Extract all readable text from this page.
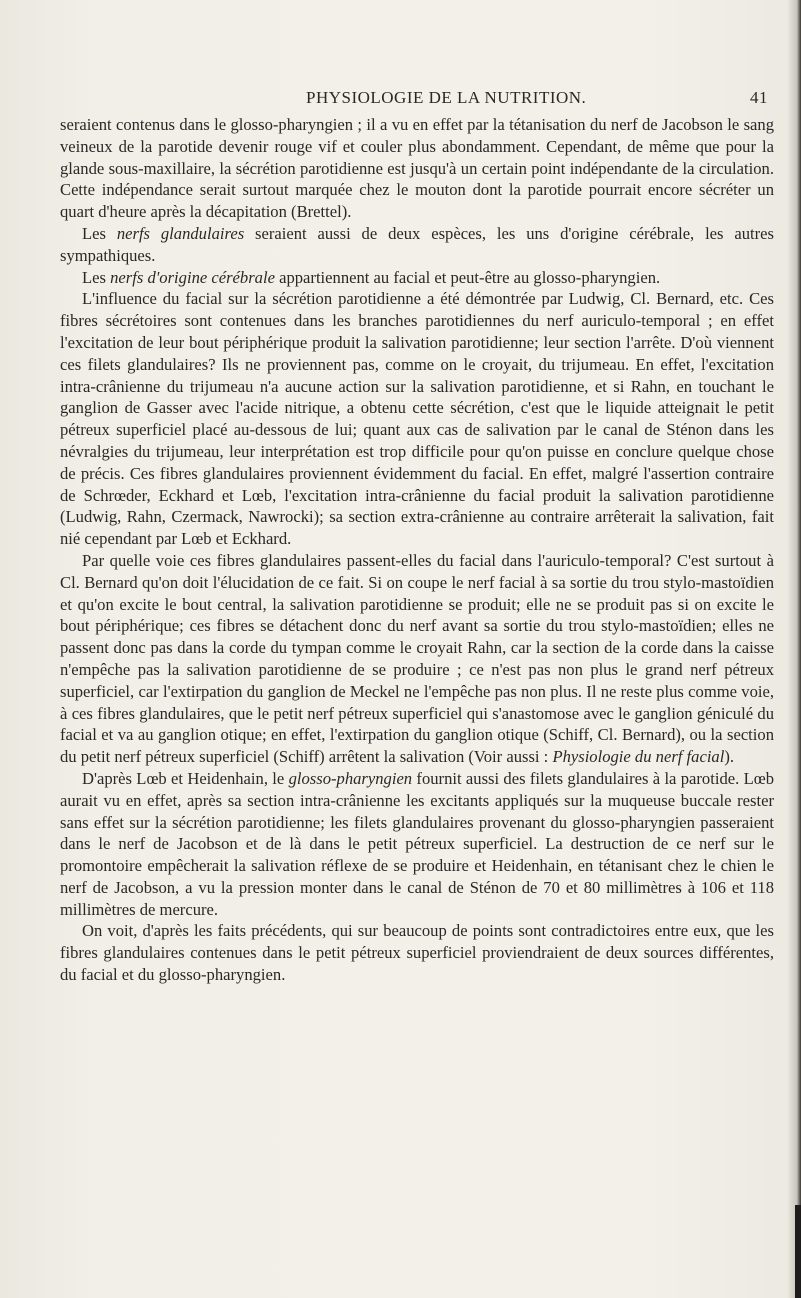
PHYSIOLOGIE DE LA NUTRITION.	41

seraient contenus dans le glosso-pharyngien ; il a vu en effet par la tétanisation du nerf de Jacobson le sang veineux de la parotide devenir rouge vif et couler plus abondamment. Cependant, de même que pour la glande sous-maxillaire, la sécrétion parotidienne est jusqu'à un certain point indépendante de la circulation. Cette indépendance serait surtout marquée chez le mouton dont la parotide pourrait encore sécréter un quart d'heure après la décapitation (Brettel).

Les nerfs glandulaires seraient aussi de deux espèces, les uns d'origine cérébrale, les autres sympathiques.

Les nerfs d'origine cérébrale appartiennent au facial et peut-être au glosso-pharyngien.

L'influence du facial sur la sécrétion parotidienne a été démontrée par Ludwig, Cl. Bernard, etc. Ces fibres sécrétoires sont contenues dans les branches parotidiennes du nerf auriculo-temporal ; en effet l'excitation de leur bout périphérique produit la salivation parotidienne; leur section l'arrête. D'où viennent ces filets glandulaires? Ils ne proviennent pas, comme on le croyait, du trijumeau. En effet, l'excitation intra-crânienne du trijumeau n'a aucune action sur la salivation parotidienne, et si Rahn, en touchant le ganglion de Gasser avec l'acide nitrique, a obtenu cette sécrétion, c'est que le liquide atteignait le petit pétreux superficiel placé au-dessous de lui; quant aux cas de salivation par le canal de Sténon dans les névralgies du trijumeau, leur interprétation est trop difficile pour qu'on puisse en conclure quelque chose de précis. Ces fibres glandulaires proviennent évidemment du facial. En effet, malgré l'assertion contraire de Schrœder, Eckhard et Lœb, l'excitation intra-crânienne du facial produit la salivation parotidienne (Ludwig, Rahn, Czermack, Nawrocki); sa section extra-crânienne au contraire arrêterait la salivation, fait nié cependant par Lœb et Eckhard.

Par quelle voie ces fibres glandulaires passent-elles du facial dans l'auriculo-temporal? C'est surtout à Cl. Bernard qu'on doit l'élucidation de ce fait. Si on coupe le nerf facial à sa sortie du trou stylo-mastoïdien et qu'on excite le bout central, la salivation parotidienne se produit; elle ne se produit pas si on excite le bout périphérique; ces fibres se détachent donc du nerf avant sa sortie du trou stylo-mastoïdien; elles ne passent donc pas dans la corde du tympan comme le croyait Rahn, car la section de la corde dans la caisse n'empêche pas la salivation parotidienne de se produire ; ce n'est pas non plus le grand nerf pétreux superficiel, car l'extirpation du ganglion de Meckel ne l'empêche pas non plus. Il ne reste plus comme voie, à ces fibres glandulaires, que le petit nerf pétreux superficiel qui s'anastomose avec le ganglion géniculé du facial et va au ganglion otique; en effet, l'extirpation du ganglion otique (Schiff, Cl. Bernard), ou la section du petit nerf pétreux superficiel (Schiff) arrêtent la salivation (Voir aussi : Physiologie du nerf facial).

D'après Lœb et Heidenhain, le glosso-pharyngien fournit aussi des filets glandulaires à la parotide. Lœb aurait vu en effet, après sa section intra-crânienne les excitants appliqués sur la muqueuse buccale rester sans effet sur la sécrétion parotidienne; les filets glandulaires provenant du glosso-pharyngien passeraient dans le nerf de Jacobson et de là dans le petit pétreux superficiel. La destruction de ce nerf sur le promontoire empêcherait la salivation réflexe de se produire et Heidenhain, en tétanisant chez le chien le nerf de Jacobson, a vu la pression monter dans le canal de Sténon de 70 et 80 millimètres à 106 et 118 millimètres de mercure.

On voit, d'après les faits précédents, qui sur beaucoup de points sont contradictoires entre eux, que les fibres glandulaires contenues dans le petit pétreux superficiel proviendraient de deux sources différentes, du facial et du glosso-pharyngien.
